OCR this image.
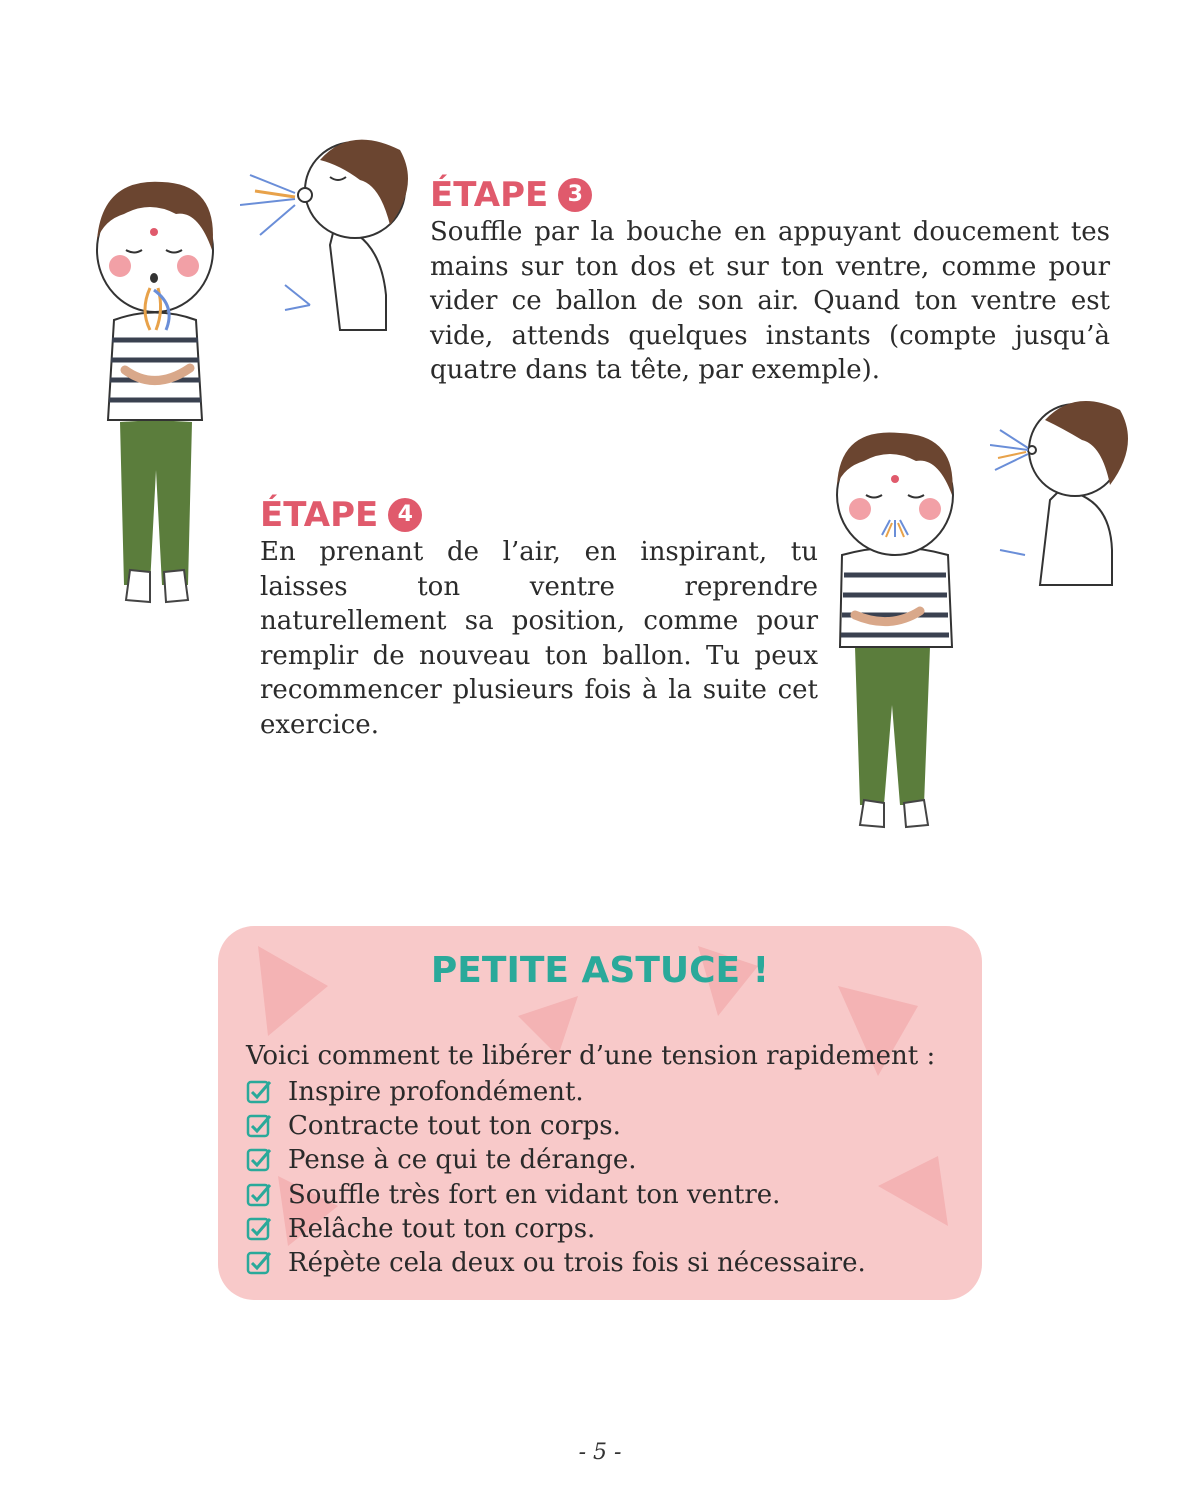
ÉTAPE 3

Souffle par la bouche en appuyant doucement tes mains sur ton dos et sur ton ventre, comme pour vider ce ballon de son air. Quand ton ventre est vide, attends quelques instants (compte jusqu’à quatre dans ta tête, par exemple).

ÉTAPE 4

En prenant de l’air, en inspirant, tu laisses ton ventre reprendre naturellement sa position, comme pour remplir de nouveau ton ballon. Tu peux recommencer plusieurs fois à la suite cet exercice.

PETITE ASTUCE !

Voici comment te libérer d’une tension rapidement :

Inspire profondément.
Contracte tout ton corps.
Pense à ce qui te dérange.
Souffle très fort en vidant ton ventre.
Relâche tout ton corps.
Répète cela deux ou trois fois si nécessaire.
- 5 -
